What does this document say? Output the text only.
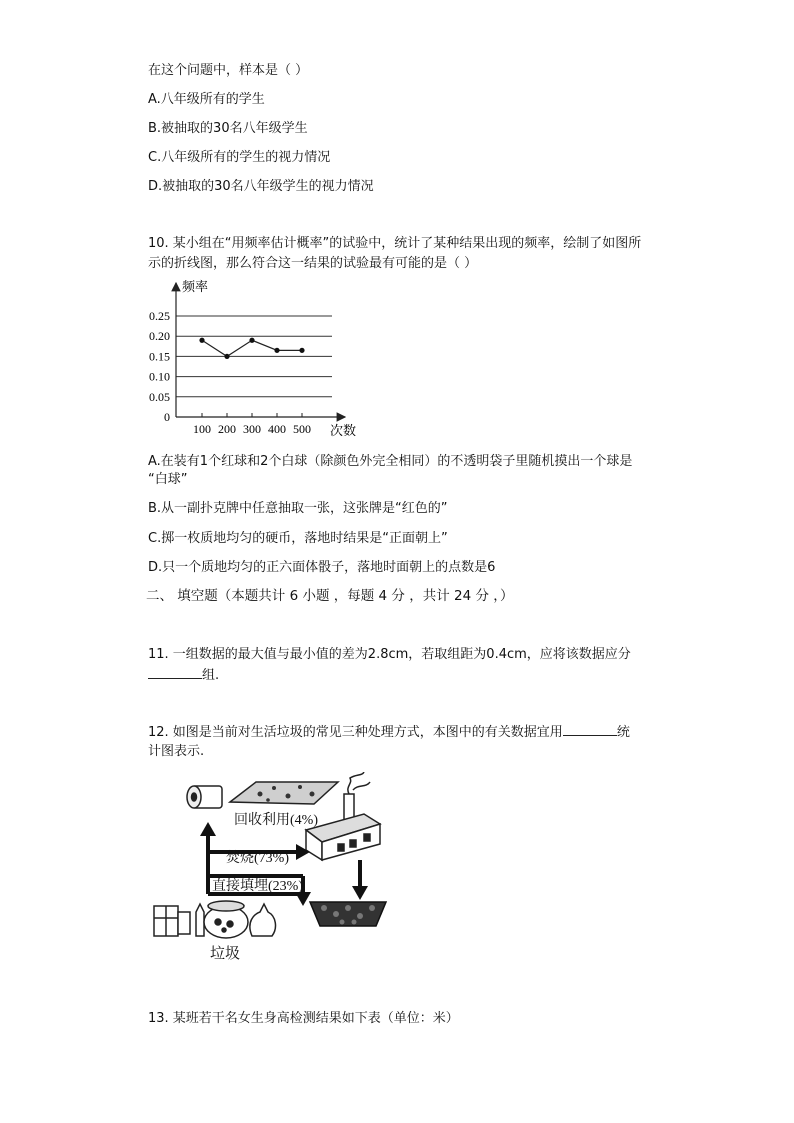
在这个问题中，样本是（ ）
A.八年级所有的学生
B.被抽取的30名八年级学生
C.八年级所有的学生的视力情况
D.被抽取的30名八年级学生的视力情况
10. 某小组在“用频率估计概率”的试验中，统计了某种结果出现的频率，绘制了如图所
示的折线图，那么符合这一结果的试验最有可能的是（ ）
频率
次数
0.25
0.20
0.15
0.10
0.05
0
100 200 300 400 500
A.在装有1个红球和2个白球（除颜色外完全相同）的不透明袋子里随机摸出一个球是
“白球”
B.从一副扑克牌中任意抽取一张，这张牌是“红色的”
C.掷一枚质地均匀的硬币，落地时结果是“正面朝上”
D.只一个质地均匀的正六面体骰子，落地时面朝上的点数是6
二、 填空题（本题共计 6 小题 ，每题 4 分 ，共计 24 分 ，）
11. 一组数据的最大值与最小值的差为2.8cm，若取组距为0.4cm，应将该数据应分
组.
12. 如图是当前对生活垃圾的常见三种处理方式，本图中的有关数据宜用	统
计图表示.
回收利用(4%)
焚烧(73%)
直接填埋(23%)
垃圾
13. 某班若干名女生身高检测结果如下表（单位：米）
